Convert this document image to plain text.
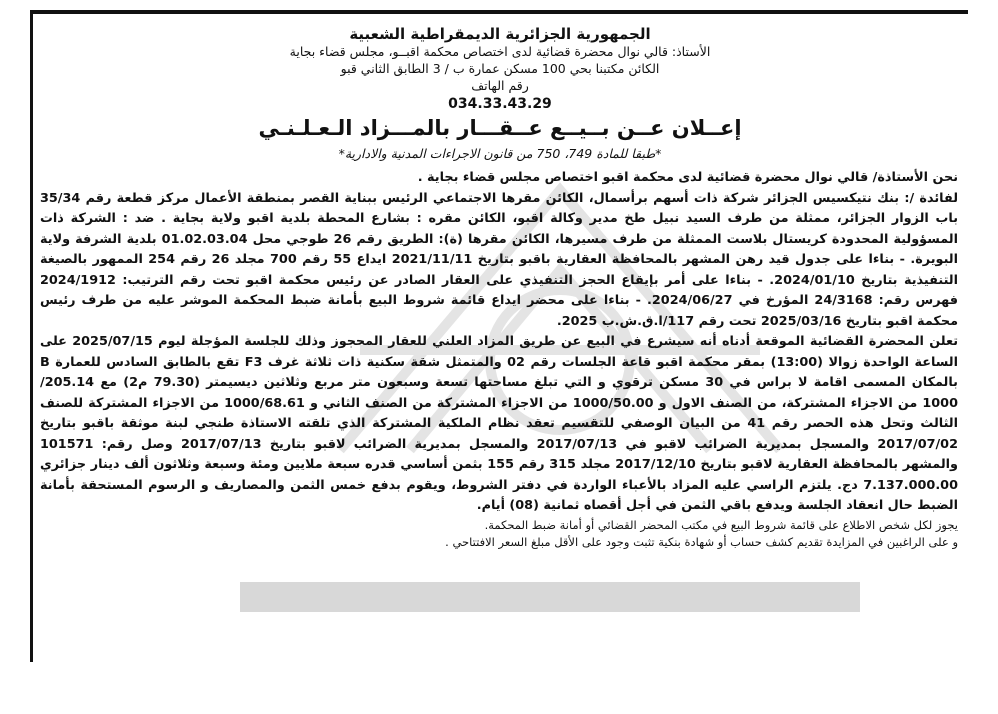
الجمهورية الجزائرية الديمقراطية الشعبية
الأستاذ: قالي نوال محضرة قضائية لدى اختصاص محكمة اقبــو، مجلس قضاء بجاية
الكائن مكتبنا بحي 100 مسكن عمارة ب / 3 الطابق الثاني قبو
رقم الهاتف
034.33.43.29
إعــلان عــن بــيــع عــقـــار بالمـــزاد الـعـلـنـي
*طبقا للمادة 749، 750 من قانون الاجراءات المدنية والادارية*

نحن الأستاذة/ قالي نوال محضرة قضائية لدى محكمة اقبو اختصاص مجلس قضاء بجاية .

لفائدة /: بنك نتيكسيس الجزائر شركة ذات أسهم برأسمال، الكائن مقرها الاجتماعي الرئيس ببناية القصر بمنطقة الأعمال مركز قطعة رقم 35/34 باب الزوار الجزائر، ممثلة من طرف السيد نبيل طخ مدير وكالة اقبو، الكائن مقره : بشارع المحطة بلدية اقبو ولاية بجاية . ضد : الشركة ذات المسؤولية المحدودة كريستال بلاست الممثلة من طرف مسيرها، الكائن مقرها (ة): الطريق رقم 26 طوجي محل 01.02.03.04 بلدية الشرفة ولاية البويرة. - بناءا على جدول قيد رهن المشهر بالمحافظة العقارية باقبو بتاريخ 2021/11/11 ايداع 55 رقم 700 مجلد 26 رقم 254 الممهور بالصيغة التنفيذية بتاريخ 2024/01/10. - بناءا على أمر بإيقاع الحجز التنفيذي على العقار الصادر عن رئيس محكمة اقبو تحت رقم الترتيب: 2024/1912 فهرس رقم: 24/3168 المؤرخ في 2024/06/27. - بناءا على محضر ايداع قائمة شروط البيع بأمانة ضبط المحكمة الموشر عليه من طرف رئيس محكمة اقبو بتاريخ 2025/03/16 تحت رقم 117/ا.ق.ش.ب 2025.

تعلن المحضرة القضائية الموقعة أدناه أنه سيشرع في البيع عن طريق المزاد العلني للعقار المحجوز وذلك للجلسة المؤجلة ليوم 2025/07/15 على الساعة الواحدة زوالا (13:00) بمقر محكمة اقبو قاعة الجلسات رقم 02 والمتمثل شقة سكنية ذات ثلاثة غرف F3 تقع بالطابق السادس للعمارة B بالمكان المسمى اقامة لا براس في 30 مسكن ترقوي و التي تبلغ مساحتها تسعة وسبعون متر مربع وثلاثين ديسيمتر (79.30 م2) مع 205.14/ 1000 من الاجزاء المشتركة، من الصنف الاول و 1000/50.00 من الاجزاء المشتركة من الصنف الثاني و 1000/68.61 من الاجزاء المشتركة للصنف الثالث وتحل هذه الحصر رقم 41 من البيان الوصفي للتقسيم تعقد نظام الملكية المشتركة الذي تلقته الاستاذة طنجي لبنة موثقة باقبو بتاريخ 2017/07/02 والمسجل بمديرية الضرائب لاقبو في 2017/07/13 والمسجل بمديرية الضرائب لاقبو بتاريخ 2017/07/13 وصل رقم: 101571 والمشهر بالمحافظة العقارية لاقبو بتاريخ 2017/12/10 مجلد 315 رقم 155 بثمن أساسي قدره سبعة ملايين ومئة وسبعة وثلاثون ألف دينار جزائري 7.137.000.00 دج. يلتزم الراسي عليه المزاد بالأعباء الواردة في دفتر الشروط، ويقوم بدفع خمس الثمن والمصاريف و الرسوم المستحقة بأمانة الضبط حال انعقاد الجلسة ويدفع باقي الثمن في أجل أقصاه ثمانية (08) أيام.

يجوز لكل شخص الاطلاع على قائمة شروط البيع في مكتب المحضر القضائي أو أمانة ضبط المحكمة.

و على الراغبين في المزايدة تقديم كشف حساب أو شهادة بنكية تثبت وجود على الأقل مبلغ السعر الافتتاحي .
